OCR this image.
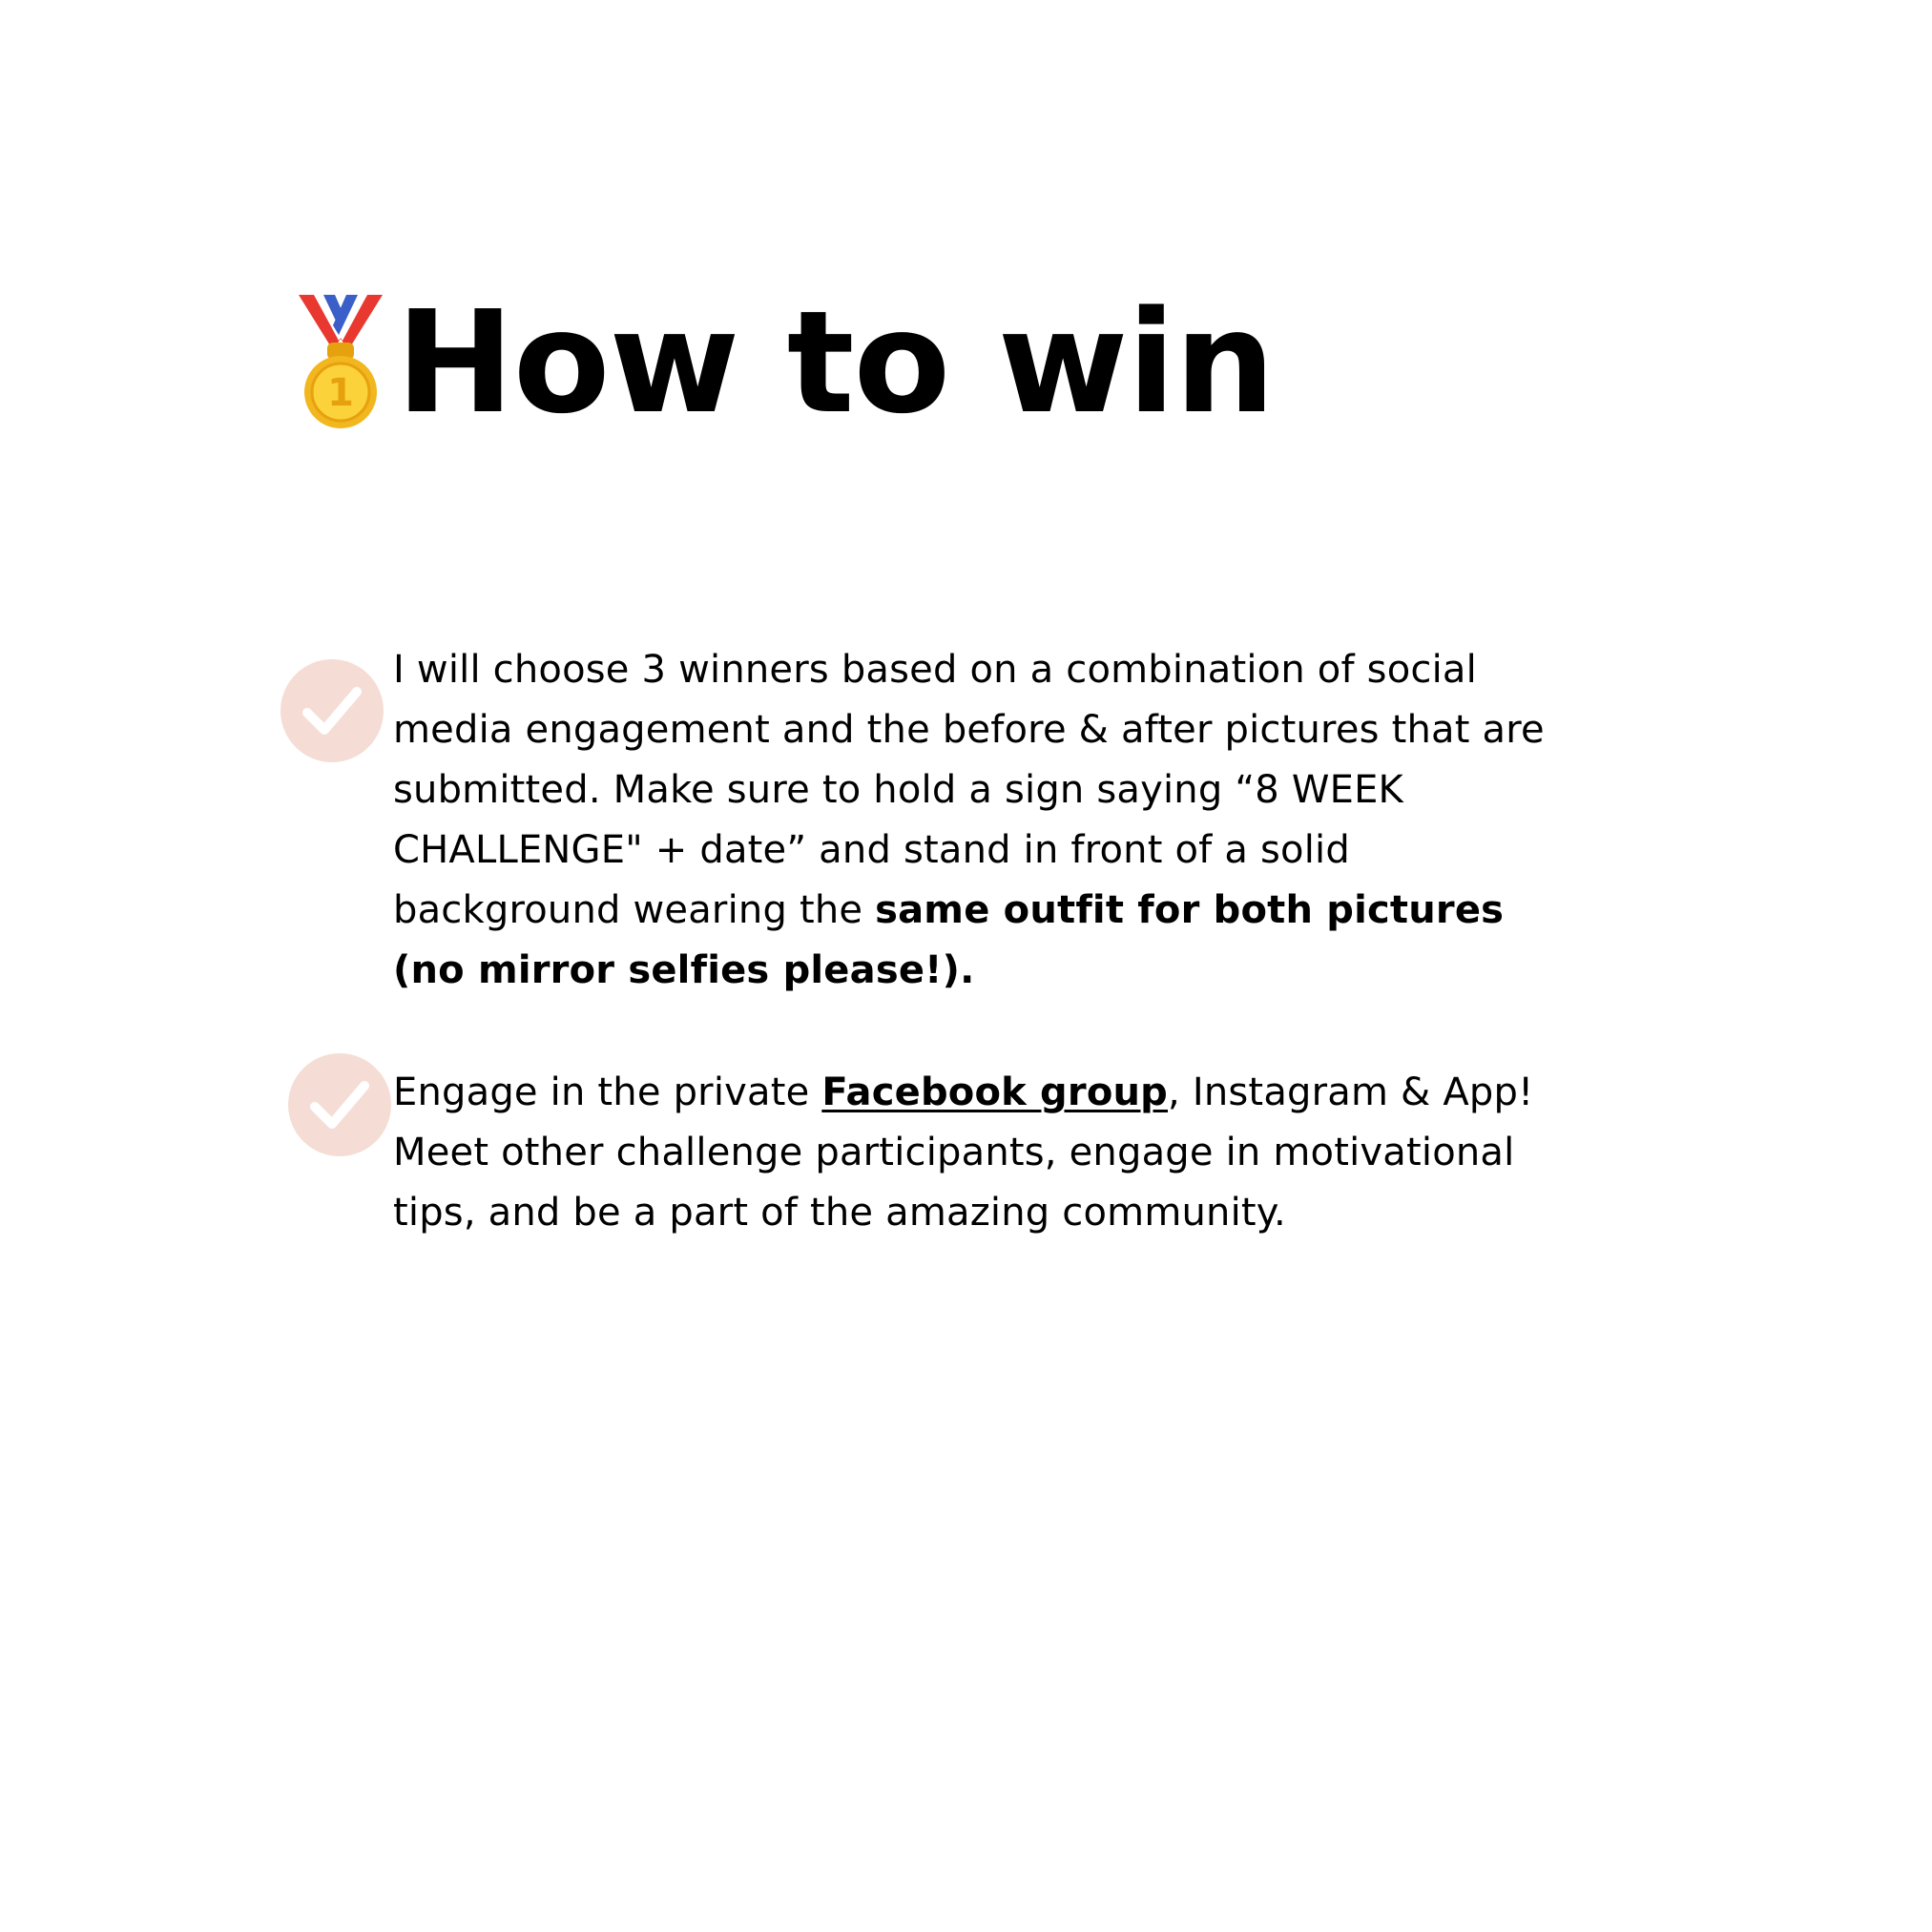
1 How to win

I will choose 3 winners based on a combination of social media engagement and the before & after pictures that are submitted. Make sure to hold a sign saying “8 WEEK CHALLENGE" + date” and stand in front of a solid background wearing the same outfit for both pictures (no mirror selfies please!).

Engage in the private Facebook group, Instagram & App! Meet other challenge participants, engage in motivational tips, and be a part of the amazing community.
